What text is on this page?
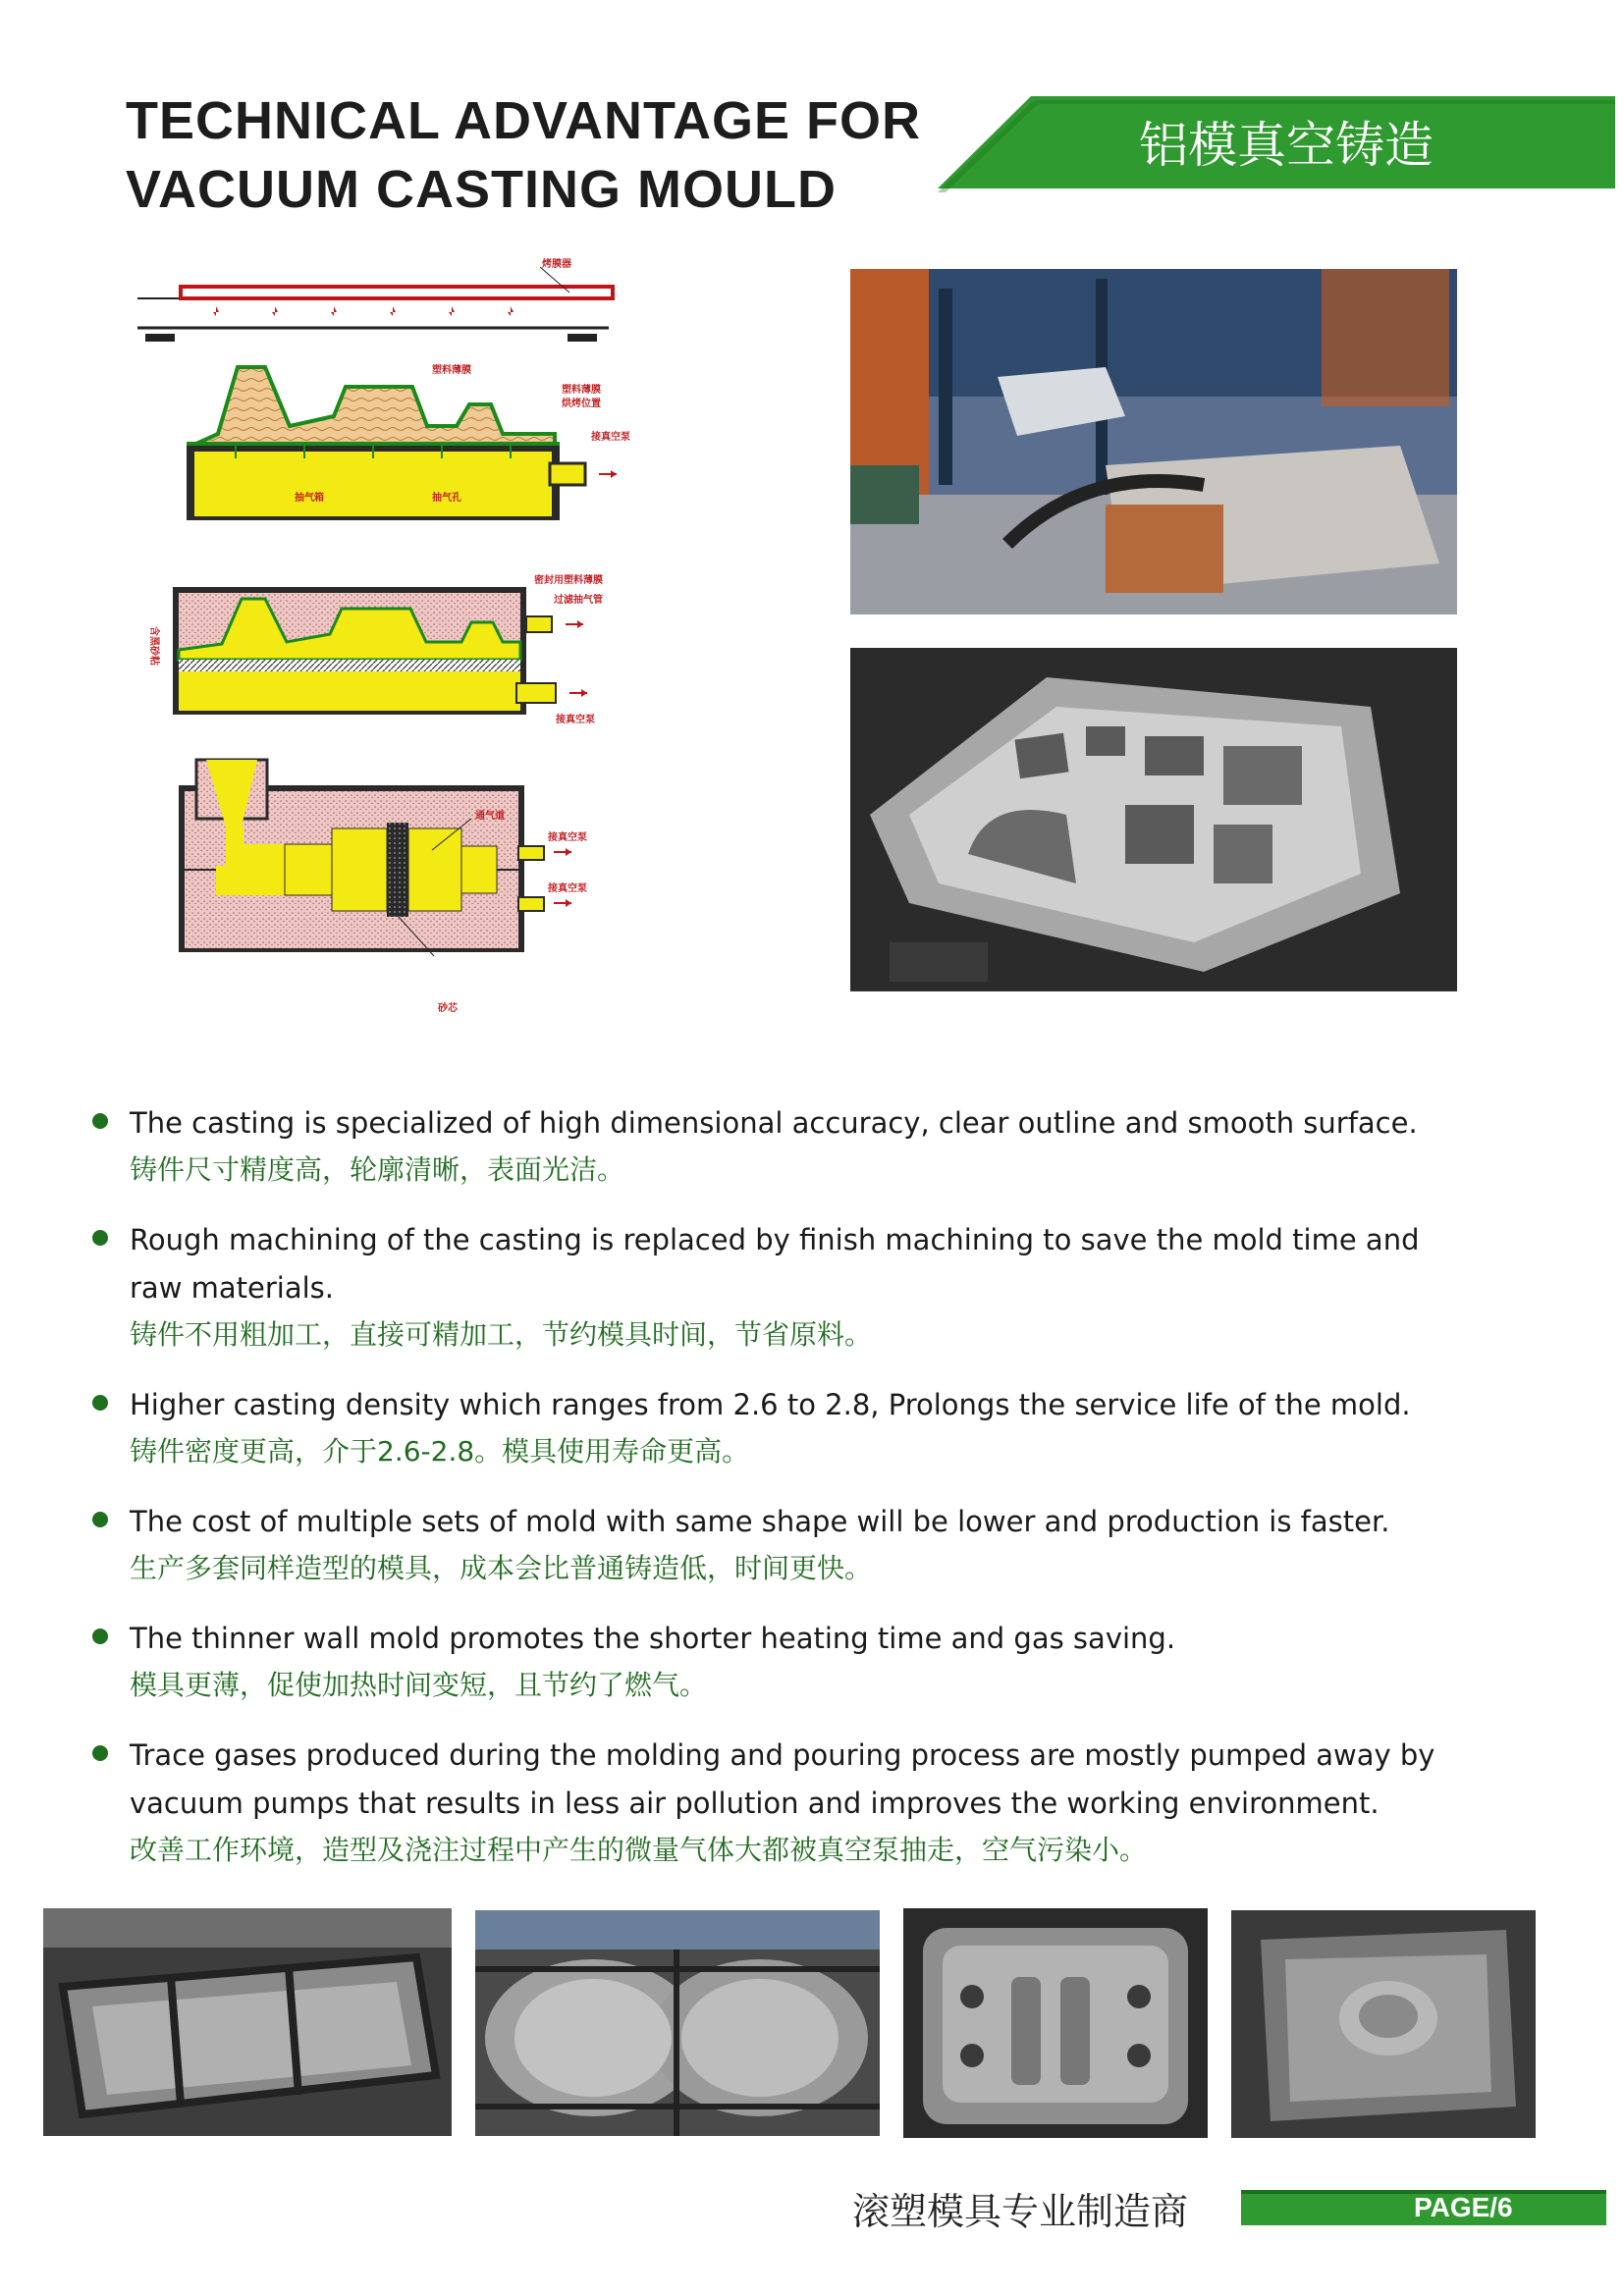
TECHNICAL ADVANTAGE FOR
VACUUM CASTING MOULD
铝模真空铸造
烤膜器
塑料薄膜
塑料薄膜
烘烤位置
接真空泵
抽气箱	抽气孔
密封用塑料薄膜
过滤抽气管
含黑砂粘
接真空泵
通气道
接真空泵
接真空泵
砂芯
The casting is specialized of high dimensional accuracy, clear outline and smooth surface.
铸件尺寸精度高，轮廓清晰，表面光洁。
Rough machining of the casting is replaced by finish machining to save the mold time and raw materials.
铸件不用粗加工，直接可精加工，节约模具时间，节省原料。
Higher casting density which ranges from 2.6 to 2.8, Prolongs the service life of the mold.
铸件密度更高，介于2.6-2.8。模具使用寿命更高。
The cost of multiple sets of mold with same shape will be lower and production is faster.
生产多套同样造型的模具，成本会比普通铸造低，时间更快。
The thinner wall mold promotes the shorter heating time and gas saving.
模具更薄，促使加热时间变短，且节约了燃气。
Trace gases produced during the molding and pouring process are mostly pumped away by vacuum pumps that results in less air pollution and improves the working environment.
改善工作环境，造型及浇注过程中产生的微量气体大都被真空泵抽走，空气污染小。
滚塑模具专业制造商	PAGE/6
